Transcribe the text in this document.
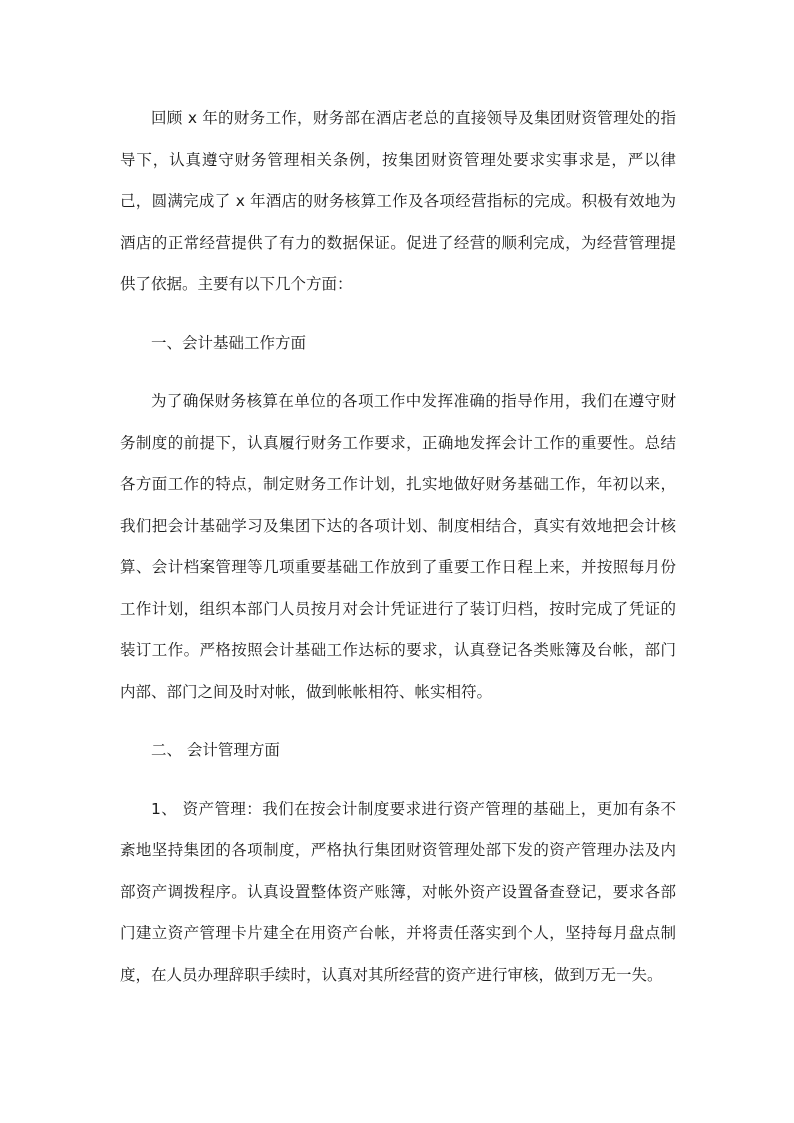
回顾 x 年的财务工作，财务部在酒店老总的直接领导及集团财资管理处的指导下，认真遵守财务管理相关条例，按集团财资管理处要求实事求是，严以律己，圆满完成了 x 年酒店的财务核算工作及各项经营指标的完成。积极有效地为酒店的正常经营提供了有力的数据保证。促进了经营的顺利完成，为经营管理提供了依据。主要有以下几个方面：

一、会计基础工作方面

为了确保财务核算在单位的各项工作中发挥准确的指导作用，我们在遵守财务制度的前提下，认真履行财务工作要求，正确地发挥会计工作的重要性。总结各方面工作的特点，制定财务工作计划，扎实地做好财务基础工作，年初以来，我们把会计基础学习及集团下达的各项计划、制度相结合，真实有效地把会计核算、会计档案管理等几项重要基础工作放到了重要工作日程上来，并按照每月份工作计划，组织本部门人员按月对会计凭证进行了装订归档，按时完成了凭证的装订工作。严格按照会计基础工作达标的要求，认真登记各类账簿及台帐，部门内部、部门之间及时对帐，做到帐帐相符、帐实相符。

二、 会计管理方面

1、 资产管理：我们在按会计制度要求进行资产管理的基础上，更加有条不紊地坚持集团的各项制度，严格执行集团财资管理处部下发的资产管理办法及内部资产调拨程序。认真设置整体资产账簿，对帐外资产设置备查登记，要求各部门建立资产管理卡片建全在用资产台帐，并将责任落实到个人，坚持每月盘点制度，在人员办理辞职手续时，认真对其所经营的资产进行审核，做到万无一失。
